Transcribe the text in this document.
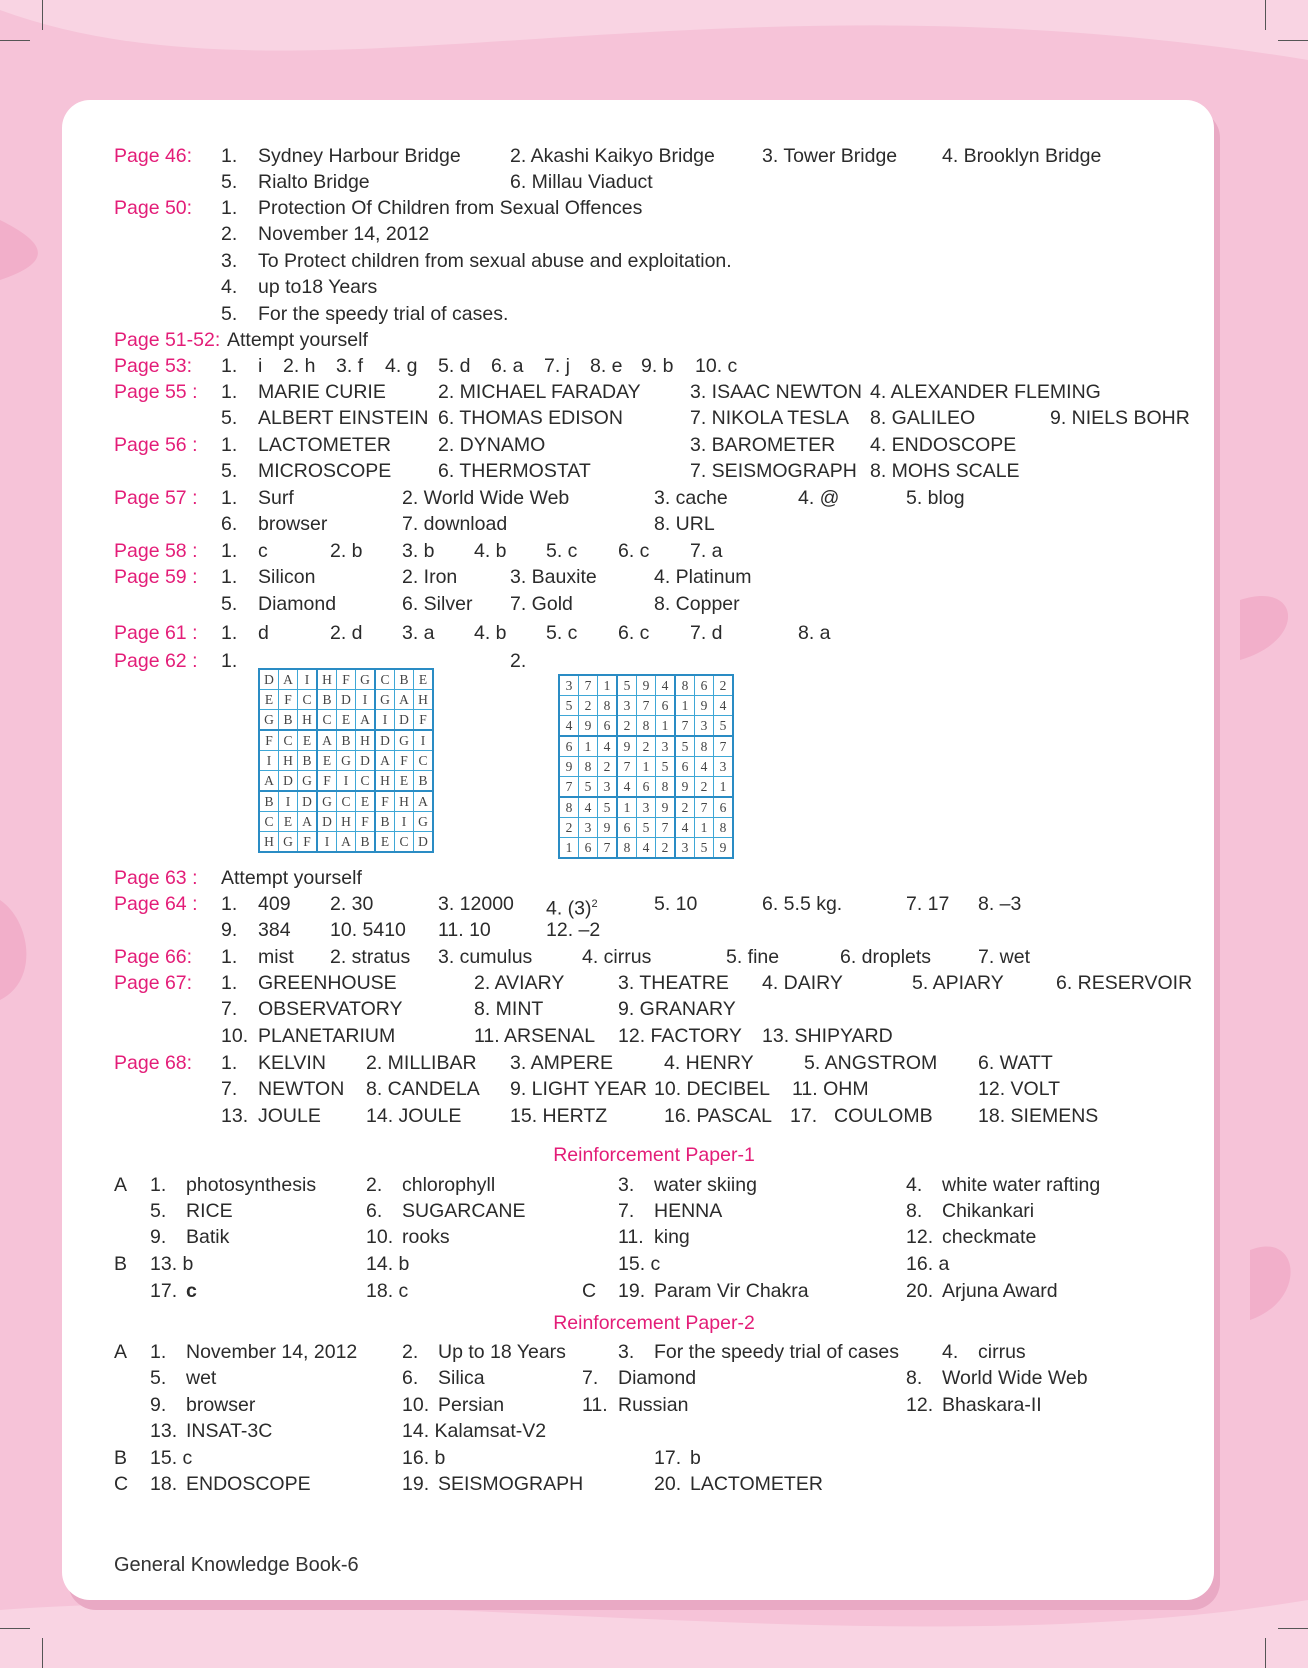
Page 46: 1. Sydney Harbour Bridge	2. Akashi Kaikyo Bridge 3. Tower Bridge 4. Brooklyn Bridge
5. Rialto Bridge	6. Millau Viaduct
Page 50: 1. Protection Of Children from Sexual Offences
2. November 14, 2012
3. To Protect children from sexual abuse and exploitation.
4. up to18 Years
5. For the speedy trial of cases.
Page 51-52: Attempt yourself
Page 53: 1. i 2. h 3. f 4. g 5. d 6. a 7. j 8. e 9. b 10. c
Page 55 : 1. MARIE CURIE	2. MICHAEL FARADAY	3. ISAAC NEWTON 4. ALEXANDER FLEMING
5. ALBERT EINSTEIN 6. THOMAS EDISON	7. NIKOLA TESLA 8. GALILEO	9. NIELS BOHR
Page 56 : 1. LACTOMETER 2. DYNAMO	3. BAROMETER 4. ENDOSCOPE
5. MICROSCOPE 6. THERMOSTAT	7. SEISMOGRAPH 8. MOHS SCALE
Page 57 : 1. Surf	2. World Wide Web	3. cache	4. @	5. blog
6. browser	7. download	8. URL
Page 58 : 1. c	2. b 3. b 4. b 5. c 6. c 7. a
Page 59 : 1. Silicon	2. Iron	3. Bauxite	4. Platinum
5. Diamond	6. Silver 7. Gold	8. Copper
Page 61 : 1. d	2. d 3. a 4. b 5. c 6. c 7. d	8. a
Page 62 : 1.	2.
Page 63 : Attempt yourself
Page 64 : 1. 409 2. 30	3. 12000 4. $(3)^2$	5. 10	6. 5.5 kg.	7. 17 8. –3
9. 384 10. 5410 11. 10	12. –2
Page 66: 1. mist 2. stratus 3. cumulus	4. cirrus	5. fine	6. droplets 7. wet
Page 67: 1. GREENHOUSE	2. AVIARY	3. THEATRE 4. DAIRY	5. APIARY	6. RESERVOIR
7. OBSERVATORY	8. MINT	9. GRANARY
10. PLANETARIUM	11. ARSENAL 12. FACTORY 13. SHIPYARD
Page 68: 1. KELVIN 2. MILLIBAR 3. AMPERE	4. HENRY	5. ANGSTROM 6. WATT
7. NEWTON 8. CANDELA 9. LIGHT YEAR 10. DECIBEL 11. OHM	12. VOLT
13. JOULE 14. JOULE 15. HERTZ	16. PASCAL 17. COULOMB 18. SIEMENS
Reinforcement Paper-1
A 1. photosynthesis	2. chlorophyll	3. water skiing	4. white water rafting
5. RICE	6. SUGARCANE	7. HENNA	8. Chikankari
9. Batik	10. rooks	11. king	12. checkmate
B 13. b	14. b	15. c	16. a
17. c	18. c	C 19. Param Vir Chakra	20. Arjuna Award
Reinforcement Paper-2
A 1. November 14, 2012 2. Up to 18 Years	3. For the speedy trial of cases 4. cirrus
5. wet	6. Silica	7. Diamond	8. World Wide Web
9. browser	10. Persian	11. Russian	12. Bhaskara-II
13. INSAT-3C	14. Kalamsat-V2
B 15. c	16. b	17. b
C 18. ENDOSCOPE	19. SEISMOGRAPH	20. LACTOMETER
D	A	I	H	F	G	C	B	E
E	F	C	B	D	I	G	A	H
G	B	H	C	E	A	I	D	F
F	C	E	A	B	H	D	G	I
I	H	B	E	G	D	A	F	C
A	D	G	F	I	C	H	E	B
B	I	D	G	C	E	F	H	A
C	E	A	D	H	F	B	I	G
H	G	F	I	A	B	E	C	D
3	7	1	5	9	4	8	6	2
5	2	8	3	7	6	1	9	4
4	9	6	2	8	1	7	3	5
6	1	4	9	2	3	5	8	7
9	8	2	7	1	5	6	4	3
7	5	3	4	6	8	9	2	1
8	4	5	1	3	9	2	7	6
2	3	9	6	5	7	4	1	8
1	6	7	8	4	2	3	5	9
General Knowledge Book-6
